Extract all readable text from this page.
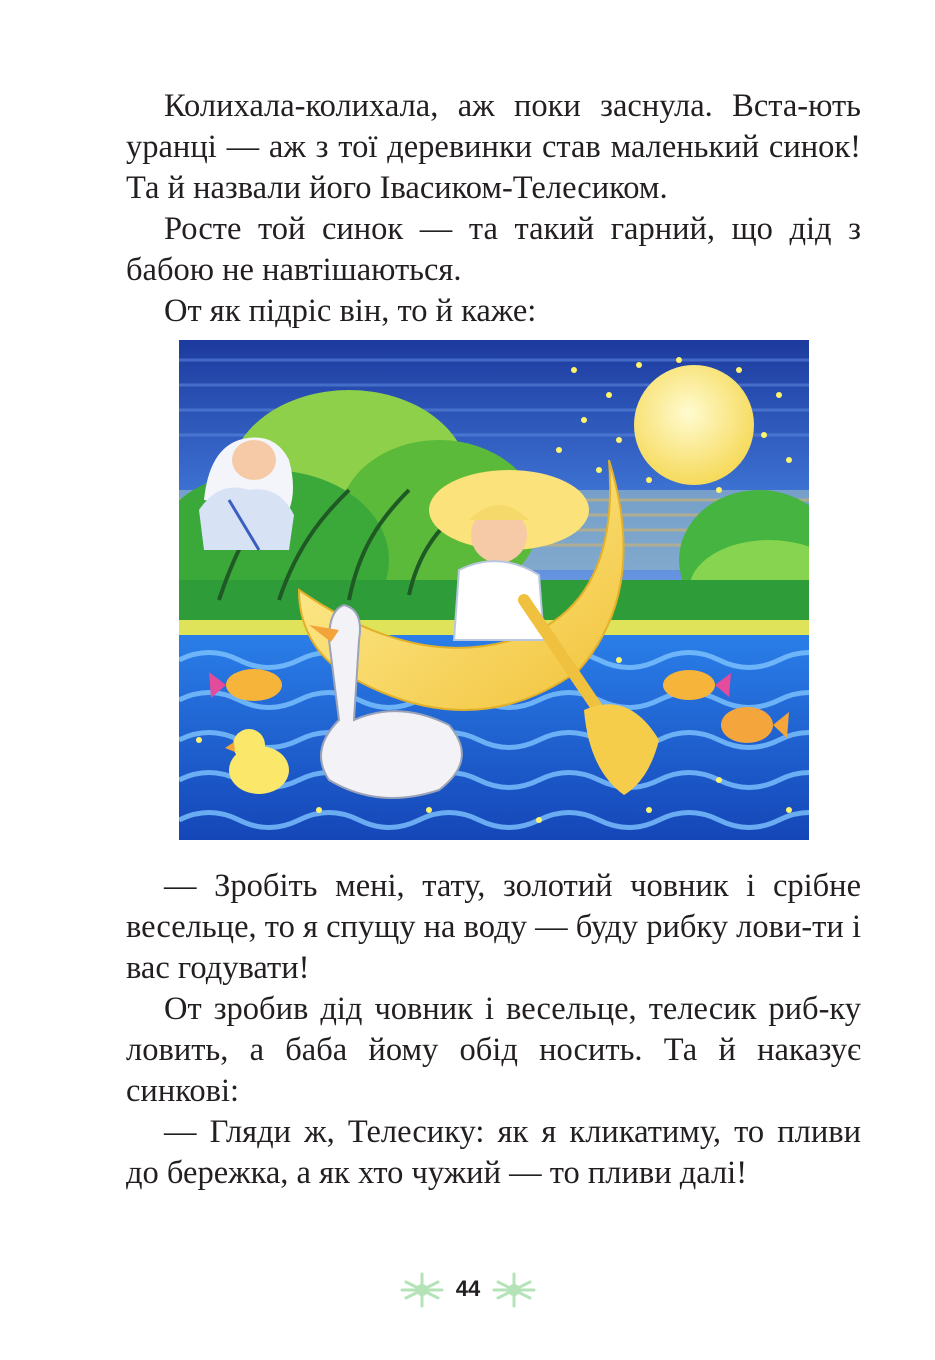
Колихала-колихала, аж поки заснула. Вста-ють уранці — аж з тої деревинки став маленький синок! Та й назвали його Івасиком-Телесиком.

Росте той синок — та такий гарний, що дід з бабою не навтішаються.

От як підріс він, то й каже:

— Зробіть мені, тату, золотий човник і срібне весельце, то я спущу на воду — буду рибку лови-ти і вас годувати!

От зробив дід човник і весельце, телесик риб-ку ловить, а баба йому обід носить. Та й наказує синкові:

— Гляди ж, Телесику: як я кликатиму, то пливи до бережка, а як хто чужий — то пливи далі!

44
